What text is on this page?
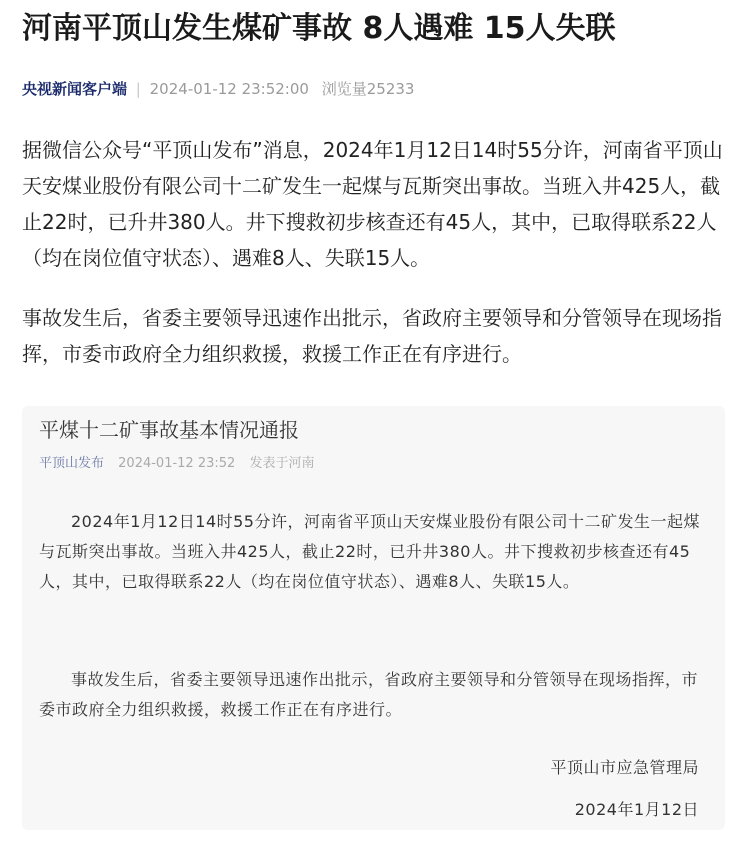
河南平顶山发生煤矿事故 8人遇难 15人失联
央视新闻客户端 | 2024-01-12 23:52:00 浏览量25233

据微信公众号“平顶山发布”消息，2024年1月12日14时55分许，河南省平顶山天安煤业股份有限公司十二矿发生一起煤与瓦斯突出事故。当班入井425人，截止22时，已升井380人。井下搜救初步核查还有45人，其中，已取得联系22人（均在岗位值守状态）、遇难8人、失联15人。

事故发生后，省委主要领导迅速作出批示，省政府主要领导和分管领导在现场指挥，市委市政府全力组织救援，救援工作正在有序进行。

平煤十二矿事故基本情况通报
平顶山发布 2024-01-12 23:52 发表于河南

2024年1月12日14时55分许，河南省平顶山天安煤业股份有限公司十二矿发生一起煤与瓦斯突出事故。当班入井425人，截止22时，已升井380人。井下搜救初步核查还有45人，其中，已取得联系22人（均在岗位值守状态）、遇难8人、失联15人。

事故发生后，省委主要领导迅速作出批示，省政府主要领导和分管领导在现场指挥，市委市政府全力组织救援，救援工作正在有序进行。

平顶山市应急管理局
2024年1月12日
